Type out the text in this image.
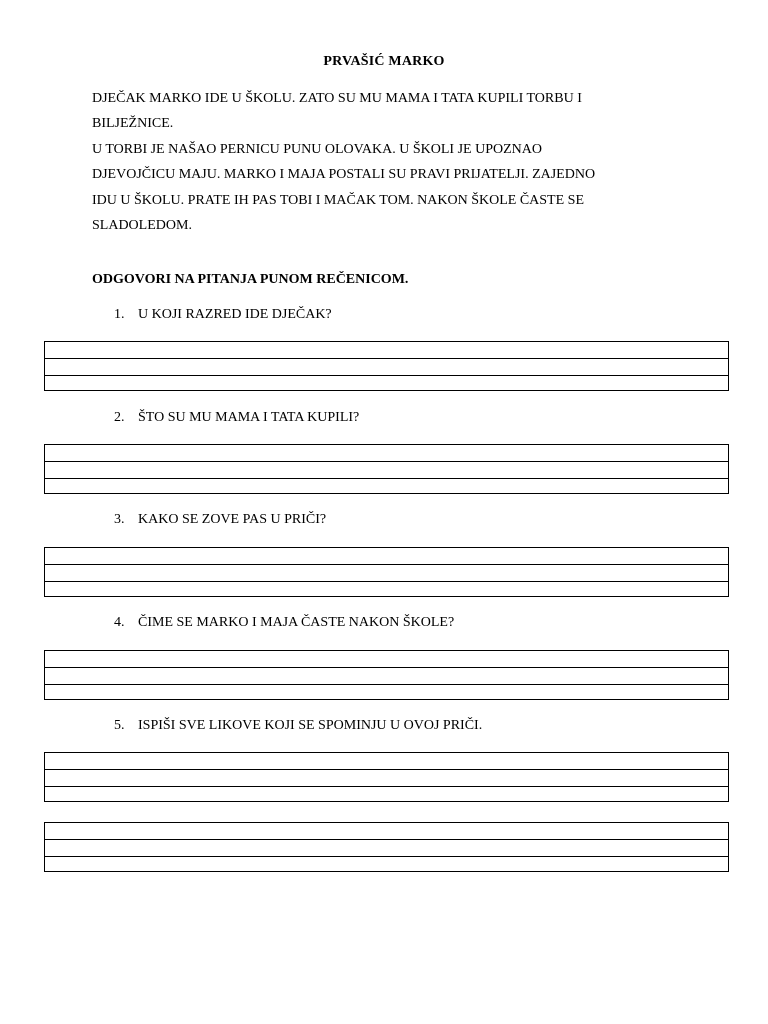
PRVAŠIĆ MARKO
DJEČAK MARKO IDE U ŠKOLU. ZATO SU MU MAMA I TATA KUPILI TORBU I
BILJEŽNICE.
U TORBI JE NAŠAO PERNICU PUNU OLOVAKA. U ŠKOLI JE UPOZNAO
DJEVOJČICU MAJU. MARKO I MAJA POSTALI SU PRAVI PRIJATELJI. ZAJEDNO
IDU U ŠKOLU. PRATE IH PAS TOBI I MAČAK TOM. NAKON ŠKOLE ČASTE SE
SLADOLEDOM.
ODGOVORI NA PITANJA PUNOM REČENICOM.
1. U KOJI RAZRED IDE DJEČAK?
2. ŠTO SU MU MAMA I TATA KUPILI?
3. KAKO SE ZOVE PAS U PRIČI?
4. ČIME SE MARKO I MAJA ČASTE NAKON ŠKOLE?
5. ISPIŠI SVE LIKOVE KOJI SE SPOMINJU U OVOJ PRIČI.
